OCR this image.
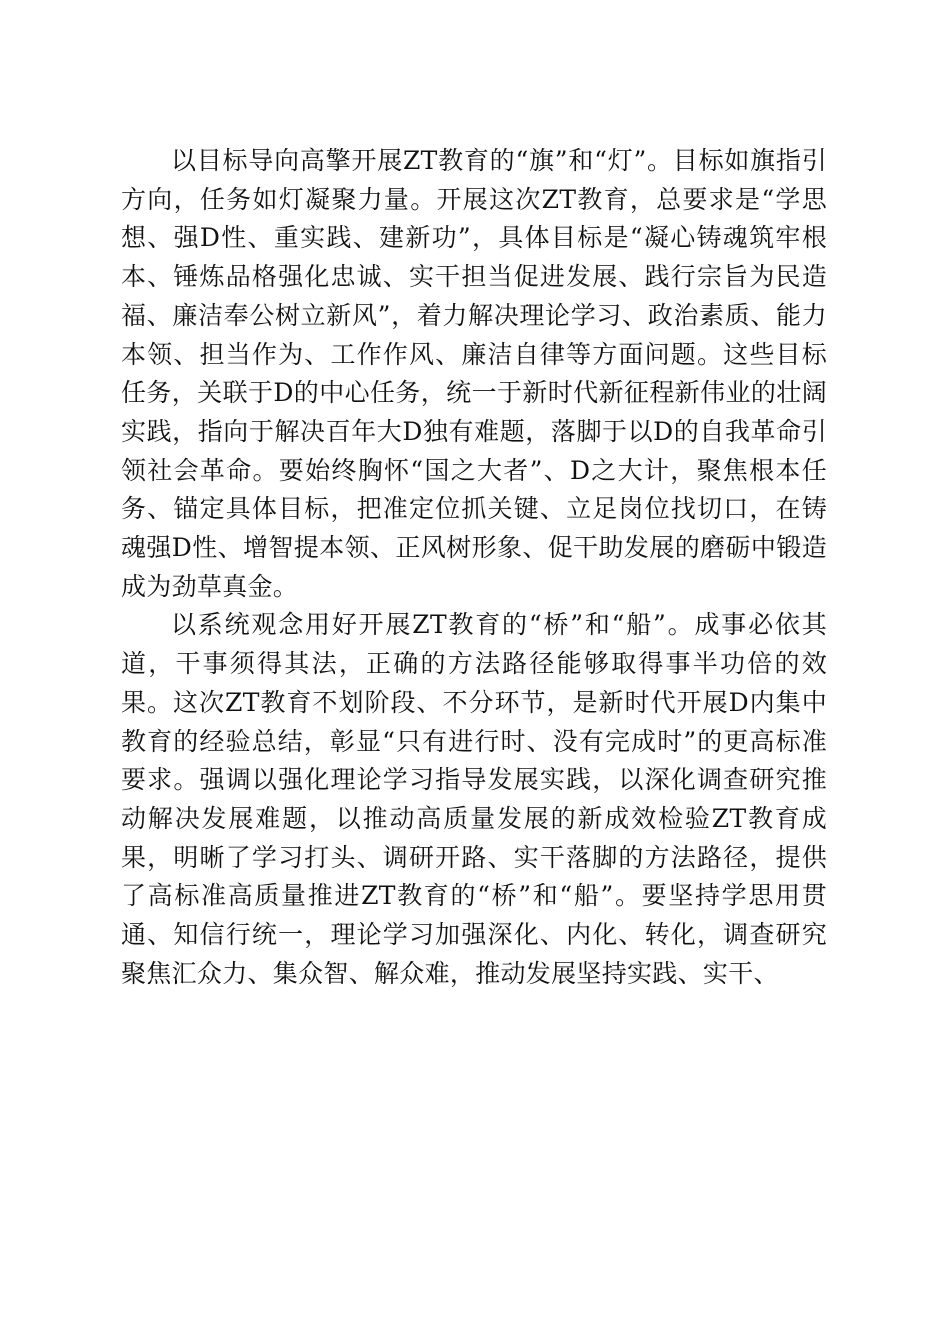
以目标导向高擎开展ZT教育的“旗”和“灯”。目标如旗指引方向，任务如灯凝聚力量。开展这次ZT教育，总要求是“学思想、强D性、重实践、建新功”，具体目标是“凝心铸魂筑牢根本、锤炼品格强化忠诚、实干担当促进发展、践行宗旨为民造福、廉洁奉公树立新风”，着力解决理论学习、政治素质、能力本领、担当作为、工作作风、廉洁自律等方面问题。这些目标任务，关联于D的中心任务，统一于新时代新征程新伟业的壮阔实践，指向于解决百年大D独有难题，落脚于以D的自我革命引领社会革命。要始终胸怀“国之大者”、D之大计，聚焦根本任务、锚定具体目标，把准定位抓关键、立足岗位找切口，在铸魂强D性、增智提本领、正风树形象、促干助发展的磨砺中锻造成为劲草真金。

以系统观念用好开展ZT教育的“桥”和“船”。成事必依其道，干事须得其法，正确的方法路径能够取得事半功倍的效果。这次ZT教育不划阶段、不分环节，是新时代开展D内集中教育的经验总结，彰显“只有进行时、没有完成时”的更高标准要求。强调以强化理论学习指导发展实践，以深化调查研究推动解决发展难题，以推动高质量发展的新成效检验ZT教育成果，明晰了学习打头、调研开路、实干落脚的方法路径，提供了高标准高质量推进ZT教育的“桥”和“船”。要坚持学思用贯通、知信行统一，理论学习加强深化、内化、转化，调查研究聚焦汇众力、集众智、解众难，推动发展坚持实践、实干、
